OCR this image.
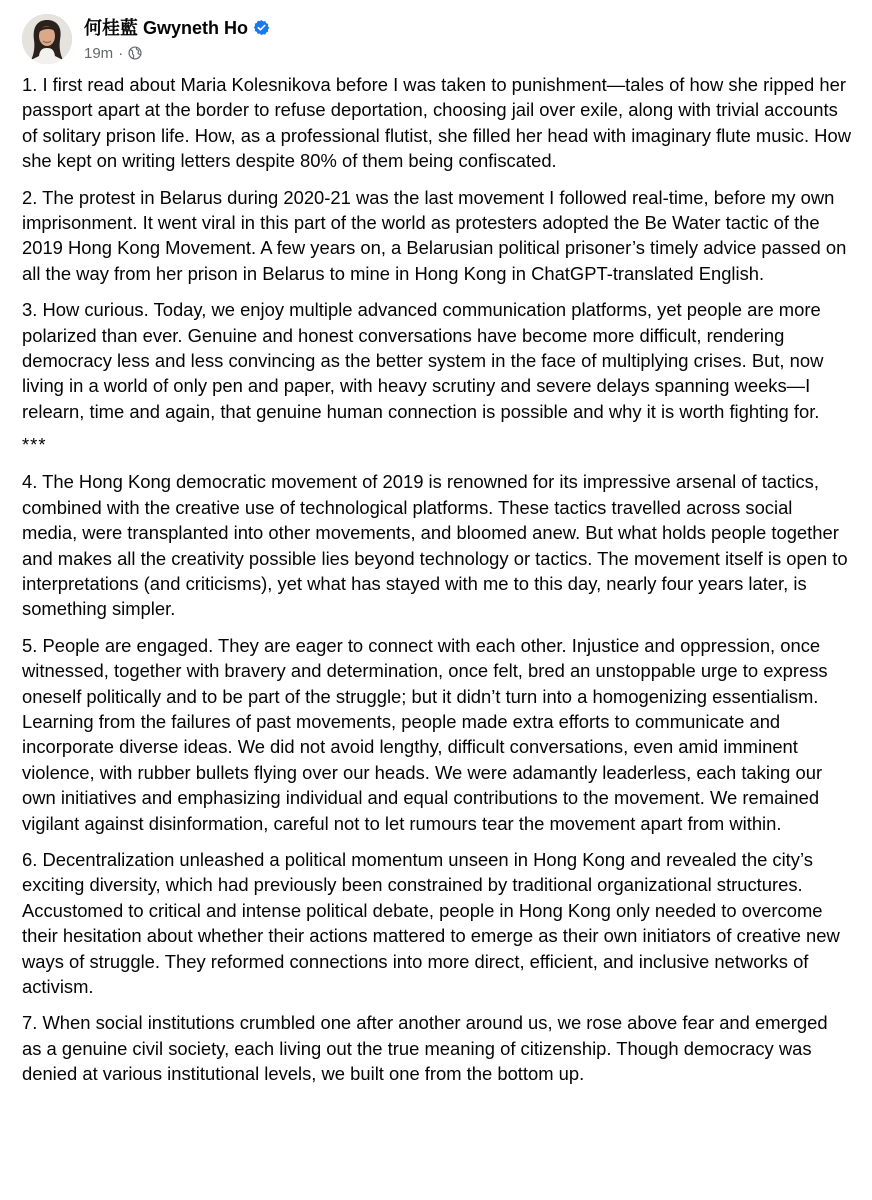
何桂藍 Gwyneth Ho
19m ·

1. I first read about Maria Kolesnikova before I was taken to punishment—tales of how she ripped her passport apart at the border to refuse deportation, choosing jail over exile, along with trivial accounts of solitary prison life. How, as a professional flutist, she filled her head with imaginary flute music. How she kept on writing letters despite 80% of them being confiscated.

2. The protest in Belarus during 2020-21 was the last movement I followed real-time, before my own imprisonment. It went viral in this part of the world as protesters adopted the Be Water tactic of the 2019 Hong Kong Movement. A few years on, a Belarusian political prisoner’s timely advice passed on all the way from her prison in Belarus to mine in Hong Kong in ChatGPT-translated English.

3. How curious. Today, we enjoy multiple advanced communication platforms, yet people are more polarized than ever. Genuine and honest conversations have become more difficult, rendering democracy less and less convincing as the better system in the face of multiplying crises. But, now living in a world of only pen and paper, with heavy scrutiny and severe delays spanning weeks—I relearn, time and again, that genuine human connection is possible and why it is worth fighting for.

***

4. The Hong Kong democratic movement of 2019 is renowned for its impressive arsenal of tactics, combined with the creative use of technological platforms. These tactics travelled across social media, were transplanted into other movements, and bloomed anew. But what holds people together and makes all the creativity possible lies beyond technology or tactics. The movement itself is open to interpretations (and criticisms), yet what has stayed with me to this day, nearly four years later, is something simpler.

5. People are engaged. They are eager to connect with each other. Injustice and oppression, once witnessed, together with bravery and determination, once felt, bred an unstoppable urge to express oneself politically and to be part of the struggle; but it didn’t turn into a homogenizing essentialism. Learning from the failures of past movements, people made extra efforts to communicate and incorporate diverse ideas. We did not avoid lengthy, difficult conversations, even amid imminent violence, with rubber bullets flying over our heads. We were adamantly leaderless, each taking our own initiatives and emphasizing individual and equal contributions to the movement. We remained vigilant against disinformation, careful not to let rumours tear the movement apart from within.

6. Decentralization unleashed a political momentum unseen in Hong Kong and revealed the city’s exciting diversity, which had previously been constrained by traditional organizational structures. Accustomed to critical and intense political debate, people in Hong Kong only needed to overcome their hesitation about whether their actions mattered to emerge as their own initiators of creative new ways of struggle. They reformed connections into more direct, efficient, and inclusive networks of activism.

7. When social institutions crumbled one after another around us, we rose above fear and emerged as a genuine civil society, each living out the true meaning of citizenship. Though democracy was denied at various institutional levels, we built one from the bottom up.
